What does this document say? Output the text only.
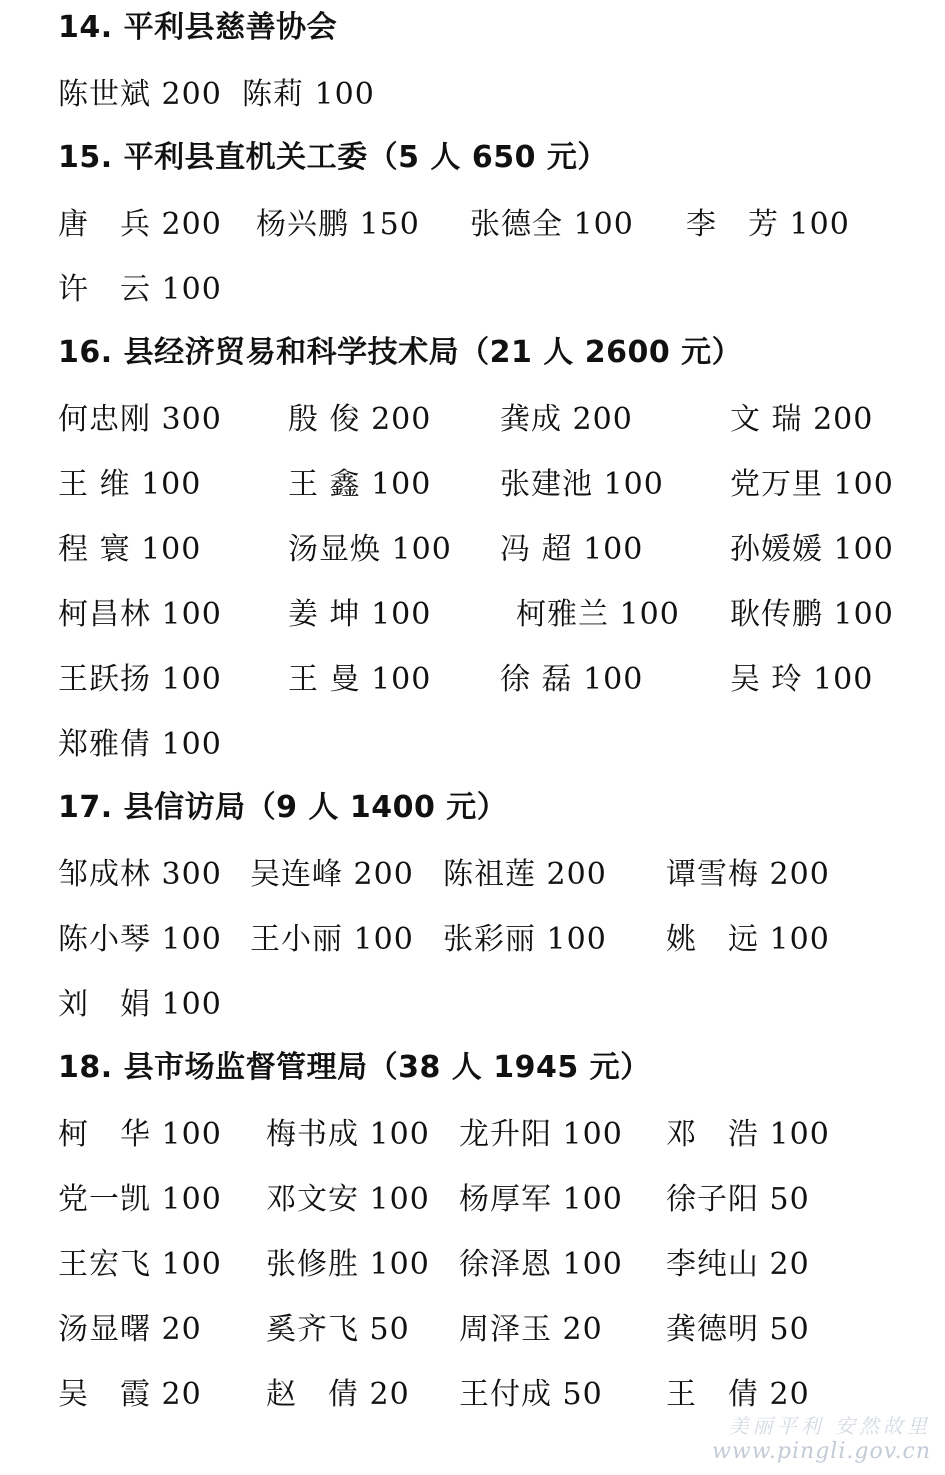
14. 平利县慈善协会
陈世斌 200 陈莉 100
15. 平利县直机关工委（5 人 650 元）
唐　兵 200 杨兴鹏 150 张德全 100 李　芳 100
许　云 100
16. 县经济贸易和科学技术局（21 人 2600 元）
何忠刚 300 殷 俊 200 龚成 200	文 瑞 200
王 维 100	王 鑫 100 张建池 100 党万里 100
程 寰 100	汤显焕 100 冯 超 100	孙媛媛 100
柯昌林 100 姜 坤 100	柯雅兰 100 耿传鹏 100
王跃扬 100 王 曼 100 徐 磊 100	吴 玲 100
郑雅倩 100
17. 县信访局（9 人 1400 元）
邹成林 300 吴连峰 200 陈祖莲 200 谭雪梅 200
陈小琴 100 王小丽 100 张彩丽 100 姚　远 100
刘　娟 100
18. 县市场监督管理局（38 人 1945 元）
柯　华 100 梅书成 100 龙升阳 100 邓　浩 100
党一凯 100 邓文安 100 杨厚军 100 徐子阳 50
王宏飞 100 张修胜 100 徐泽恩 100 李纯山 20
汤显曙 20 奚齐飞 50 周泽玉 20 龚德明 50
吴　霞 20 赵　倩 20 王付成 50 王　倩 20
美丽平利 安然故里
www.pingli.gov.cn
